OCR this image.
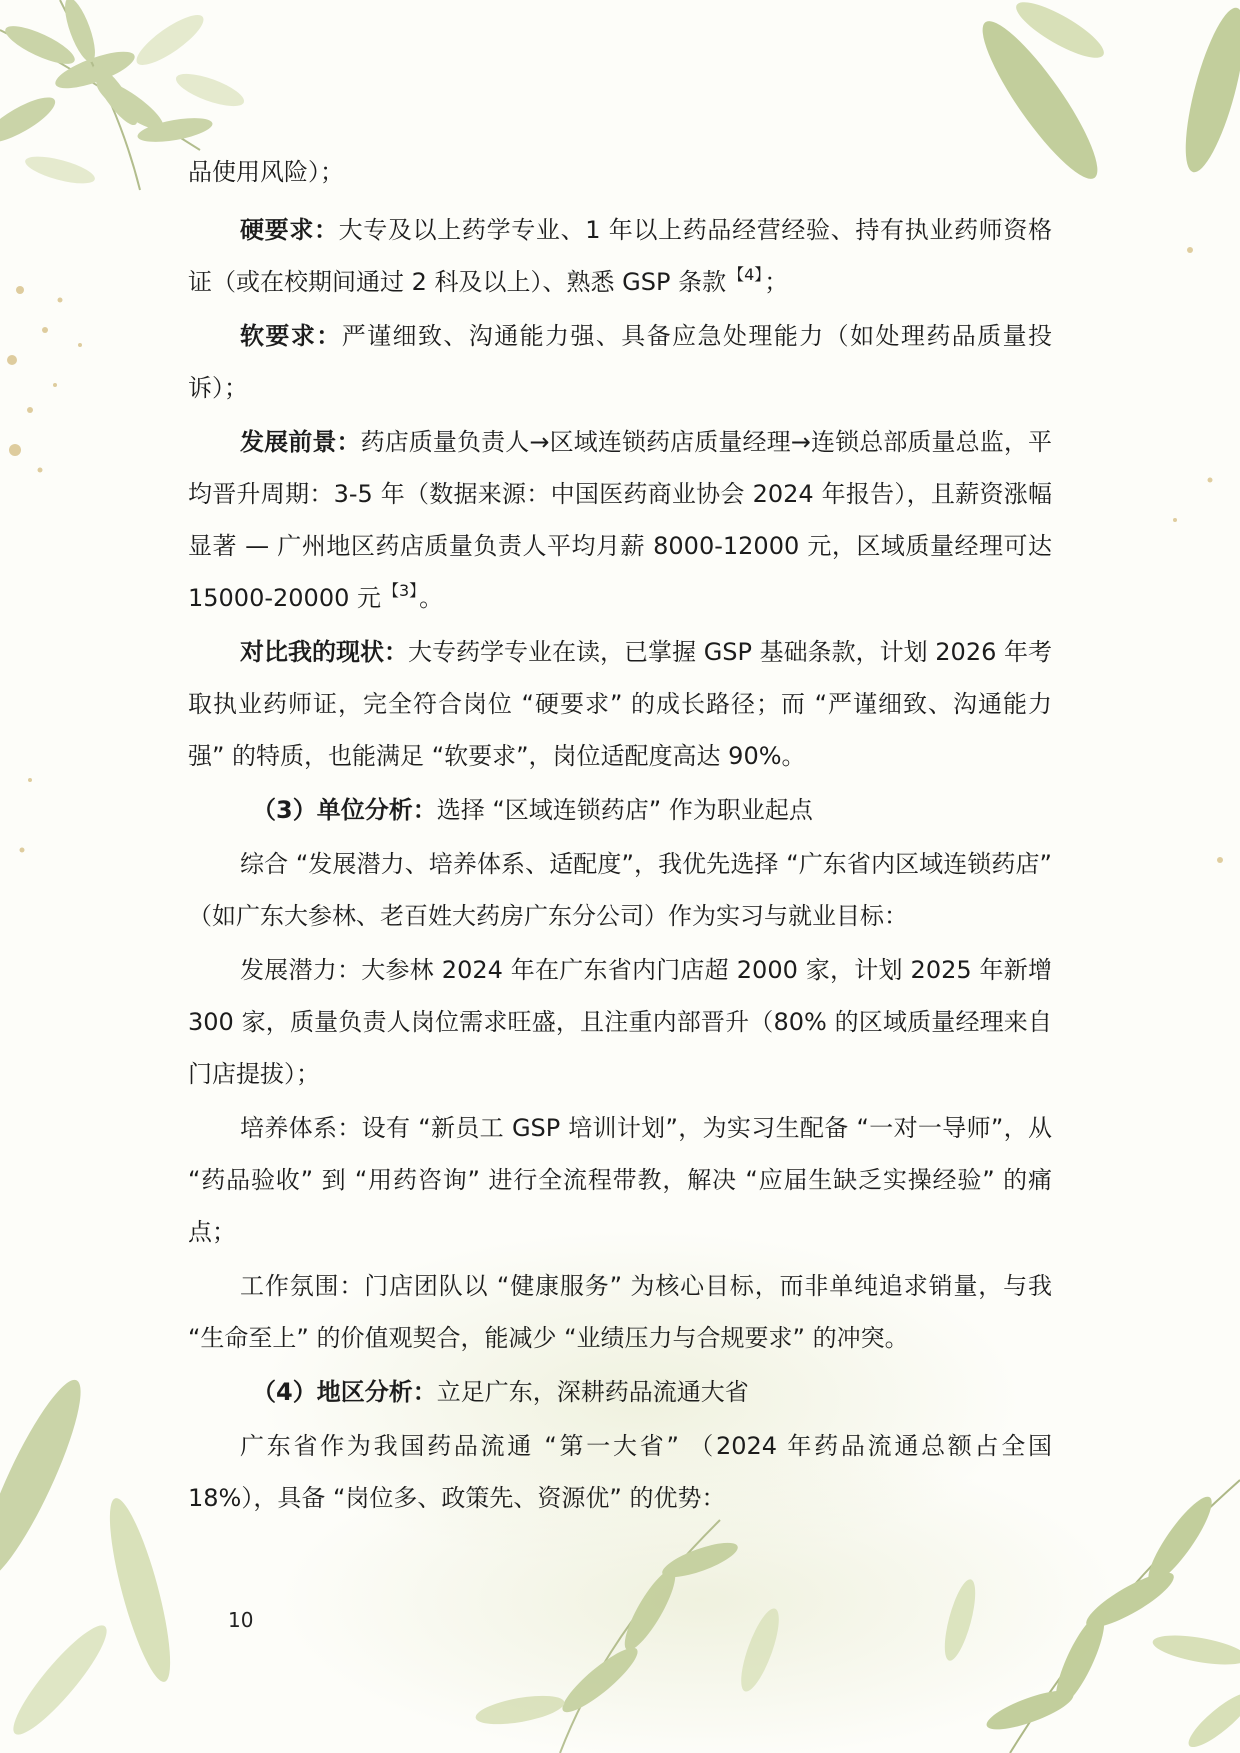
品使用风险）；

硬要求：大专及以上药学专业、1 年以上药品经营经验、持有执业药师资格证（或在校期间通过 2 科及以上）、熟悉 GSP 条款 $^{【4】}$；

软要求：严谨细致、沟通能力强、具备应急处理能力（如处理药品质量投诉）；

发展前景：药店质量负责人→区域连锁药店质量经理→连锁总部质量总监，平均晋升周期：3-5 年（数据来源：中国医药商业协会 2024 年报告），且薪资涨幅显著 — 广州地区药店质量负责人平均月薪 8000-12000 元，区域质量经理可达 15000-20000 元 $^{【3】}$。

对比我的现状：大专药学专业在读，已掌握 GSP 基础条款，计划 2026 年考取执业药师证，完全符合岗位 “硬要求” 的成长路径；而 “严谨细致、沟通能力强” 的特质，也能满足 “软要求”，岗位适配度高达 90%。

（3）单位分析：选择 “区域连锁药店” 作为职业起点

综合 “发展潜力、培养体系、适配度”，我优先选择 “广东省内区域连锁药店” （如广东大参林、老百姓大药房广东分公司）作为实习与就业目标：

发展潜力：大参林 2024 年在广东省内门店超 2000 家，计划 2025 年新增 300 家，质量负责人岗位需求旺盛，且注重内部晋升（80% 的区域质量经理来自门店提拔）；

培养体系：设有 “新员工 GSP 培训计划”，为实习生配备 “一对一导师”，从 “药品验收” 到 “用药咨询” 进行全流程带教，解决 “应届生缺乏实操经验” 的痛点；

工作氛围：门店团队以 “健康服务” 为核心目标，而非单纯追求销量，与我 “生命至上” 的价值观契合，能减少 “业绩压力与合规要求” 的冲突。

（4）地区分析：立足广东，深耕药品流通大省

广东省作为我国药品流通 “第一大省” （2024 年药品流通总额占全国 18%），具备 “岗位多、政策先、资源优” 的优势：

10
